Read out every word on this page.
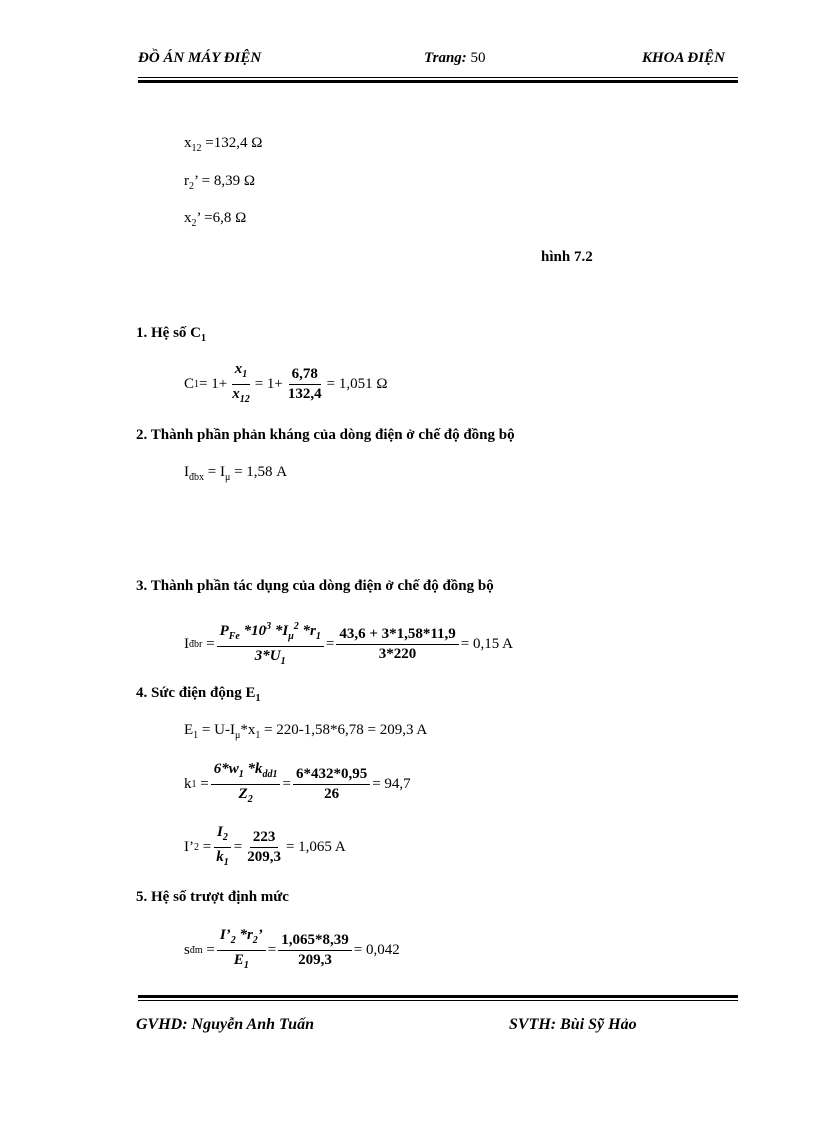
ĐỒ ÁN MÁY ĐIỆN	Trang: 50	KHOA ĐIỆN
$x_{12} =132,4$ Ω
$r_2$’ = 8,39 Ω
$x_2$’ =6,8 Ω
hình 7.2
1. Hệ số $C_1$
C $1 = 1+ \frac{x_1}{x_{12}} = 1+ \frac{6,78}{132,4} = 1,051$ Ω
2. Thành phần phản kháng của dòng điện ở chế độ đồng bộ
$I_{đbx} = I_\mu = 1,58$ A
3. Thành phần tác dụng của dòng điện ở chế độ đồng bộ
I đbr = $\frac{P_{Fe} *10^3 *I_\mu^2 *r_1}{3*U_1} = \frac{43,6 + 3*1,58*11,9}{3*220} = 0,15$ A
4. Sức điện động $E_1$
$E_1 = U-I_\mu*x_1 = 220-1,58*6,78 = 209,3$ A
k $1 = \frac{6*w_1 *k_{dd1}}{Z_2} = \frac{6*432*0,95}{26} = 94,7$
I’ $2 = \frac{I_2}{k_1} = \frac{223}{209,3} = 1,065$ A
5. Hệ số trượt định mức
s đm = $\frac{I’_2 *r_2’}{E_1} = \frac{1,065*8,39}{209,3} = 0,042$
GVHD: Nguyễn Anh Tuấn	SVTH: Bùi Sỹ Hảo
